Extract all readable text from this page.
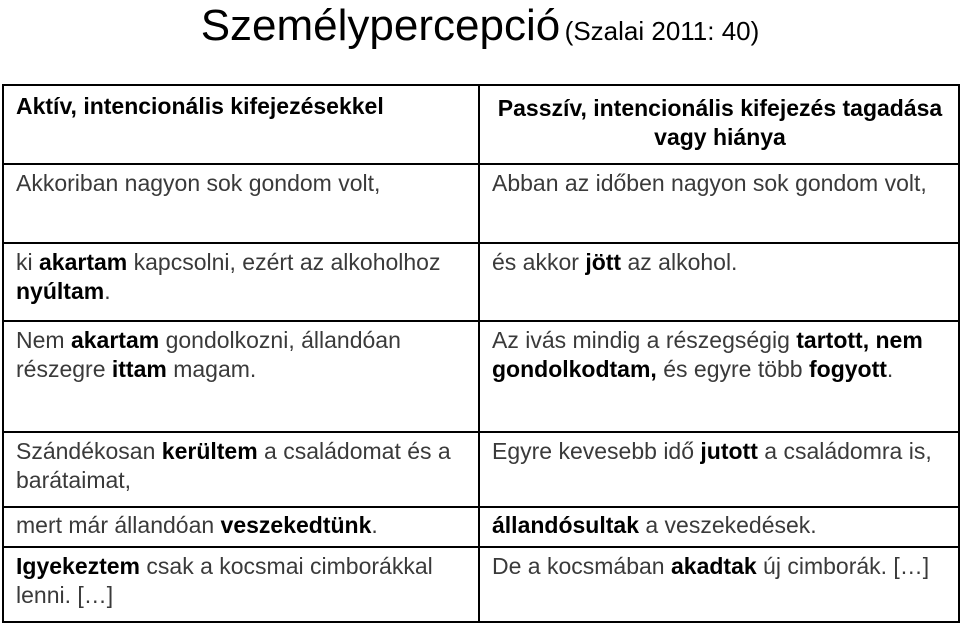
Személypercepció (Szalai 2011: 40)
Aktív, intencionális kifejezésekkel	Passzív, intencionális kifejezés tagadása vagy hiánya
Akkoriban nagyon sok gondom volt,	Abban az időben nagyon sok gondom volt,
ki akartam kapcsolni, ezért az alkoholhoz nyúltam.	és akkor jött az alkohol.
Nem akartam gondolkozni, állandóan részegre ittam magam.	Az ivás mindig a részegségig tartott, nem gondolkodtam, és egyre több fogyott.
Szándékosan kerültem a családomat és a barátaimat,	Egyre kevesebb idő jutott a családomra is,
mert már állandóan veszekedtünk.	állandósultak a veszekedések.
Igyekeztem csak a kocsmai cimborákkal lenni. […]	De a kocsmában akadtak új cimborák. […]
